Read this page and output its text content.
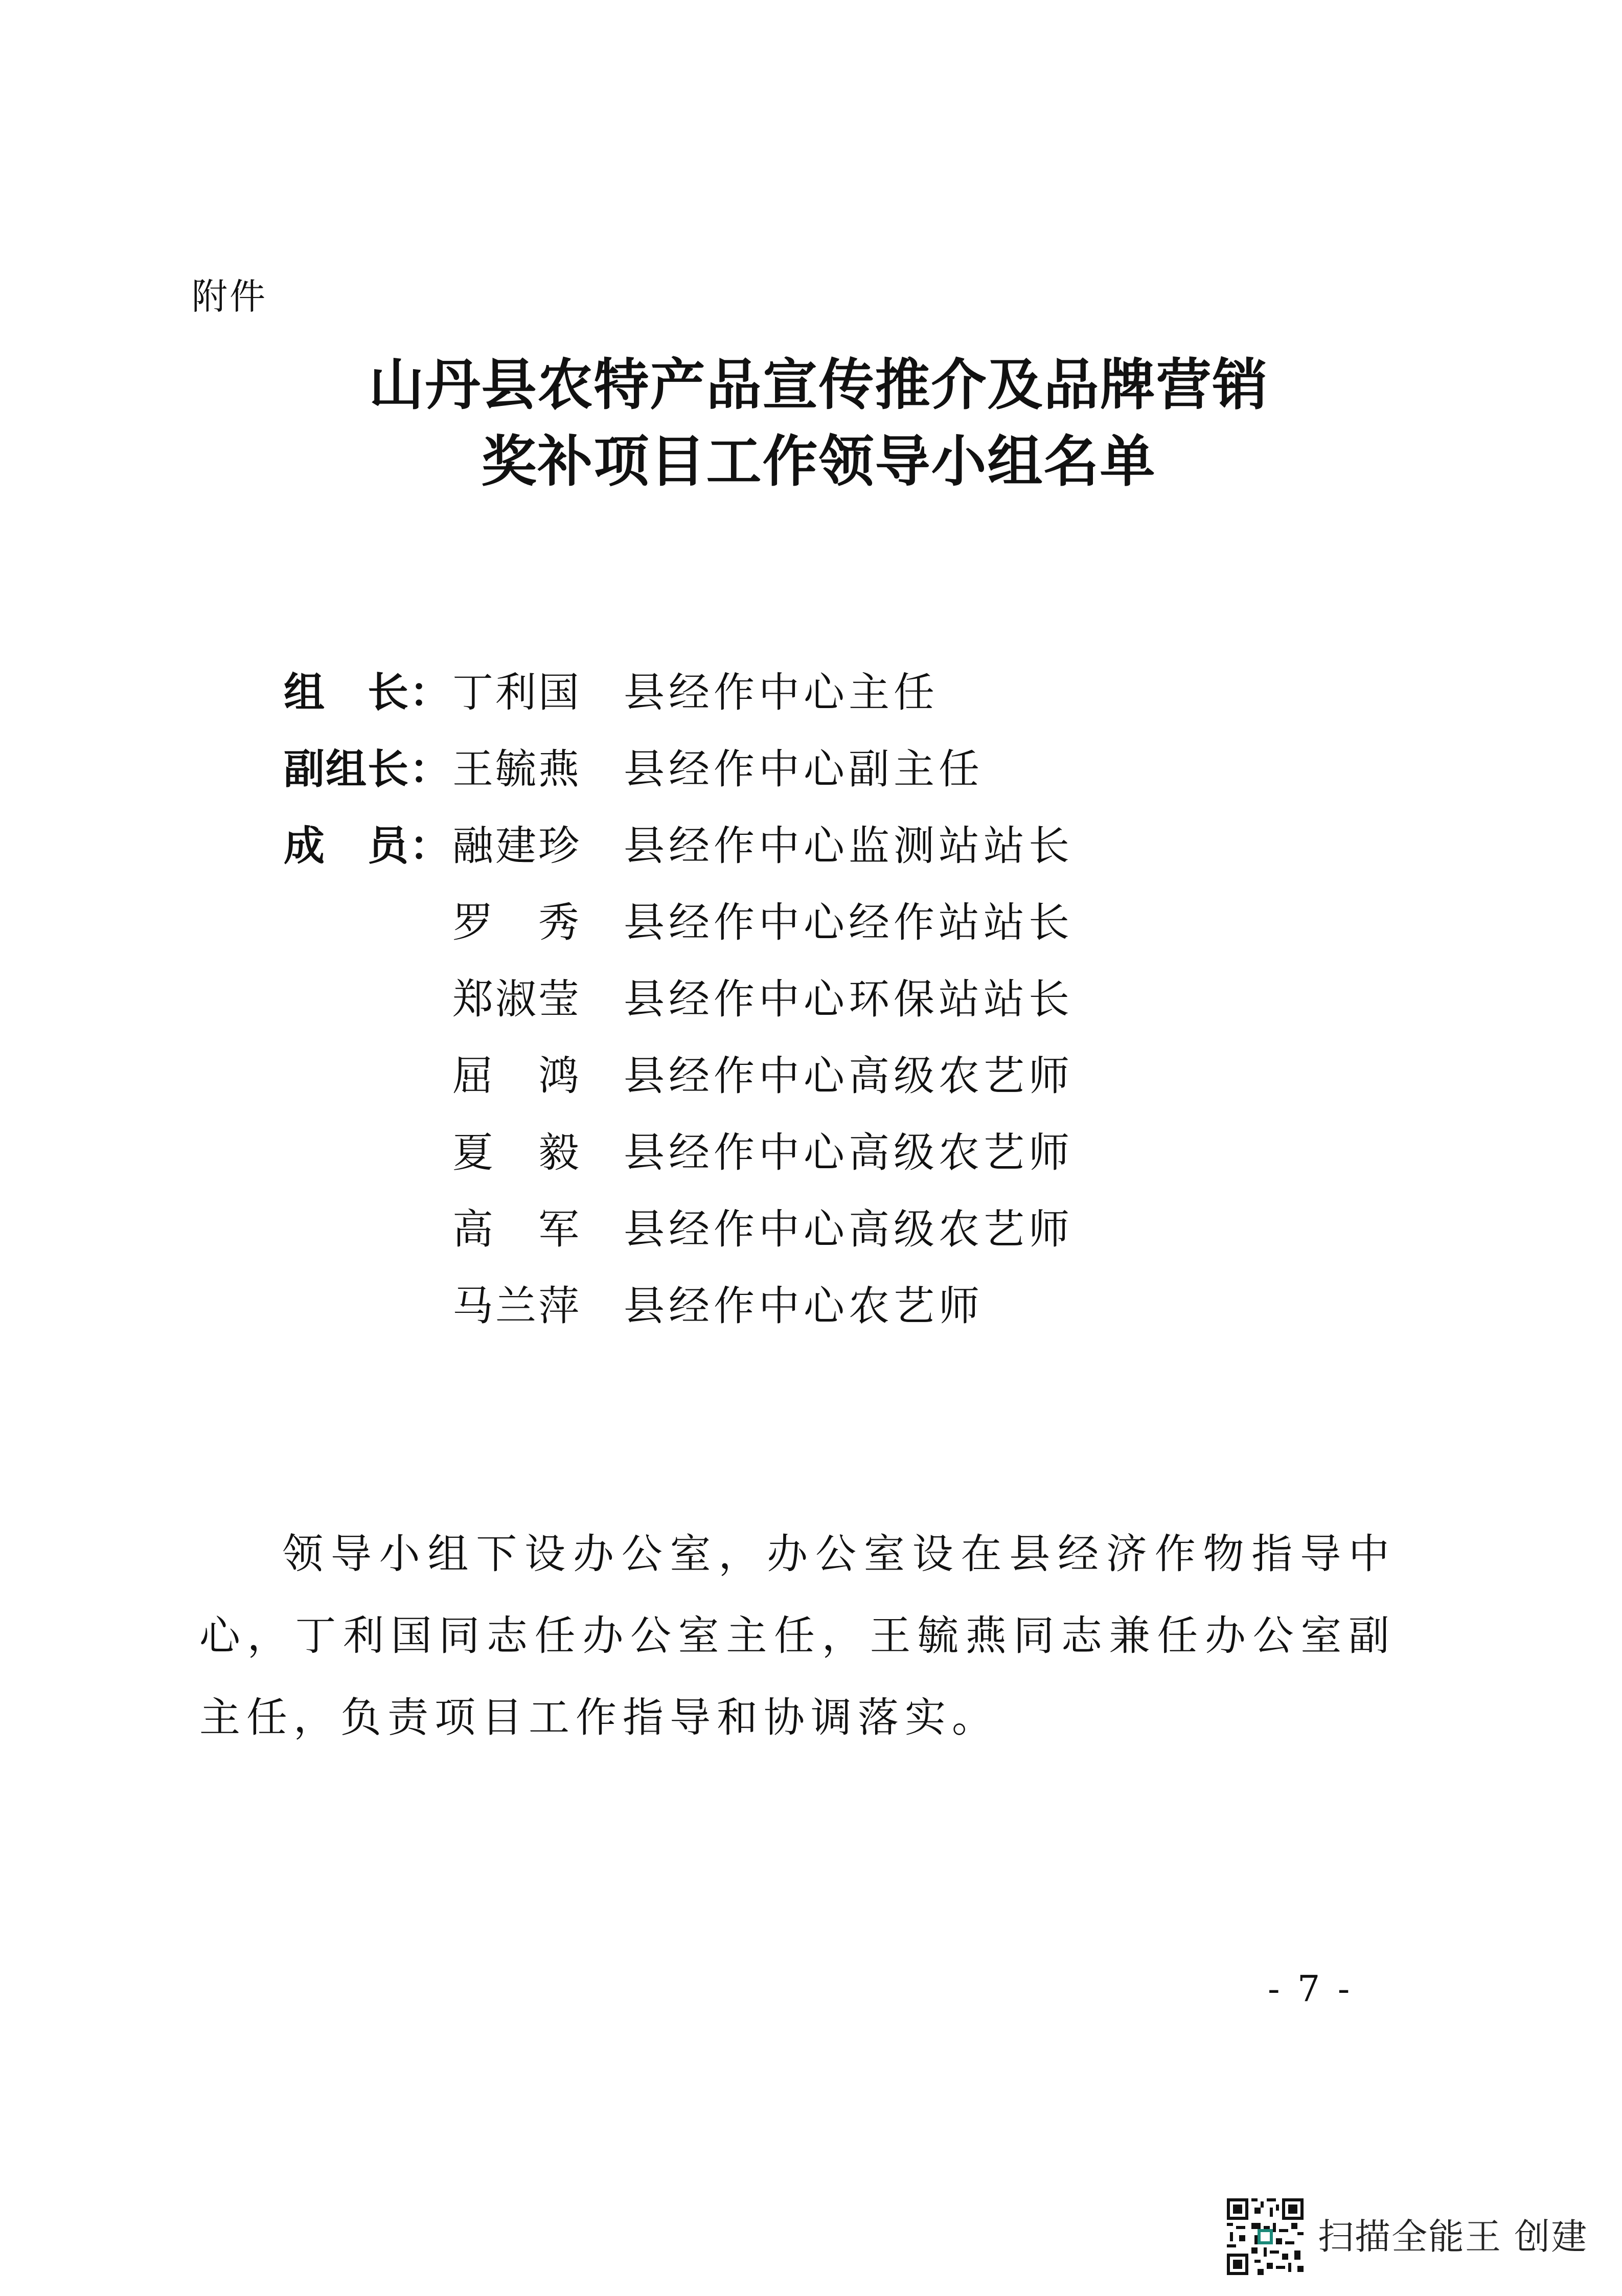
附件
山丹县农特产品宣传推介及品牌营销
奖补项目工作领导小组名单
组　长： 丁利国	县经作中心主任
副组长： 王毓燕	县经作中心副主任
成　员： 融建珍	县经作中心监测站站长
罗　秀	县经作中心经作站站长
郑淑莹	县经作中心环保站站长
屈　鸿	县经作中心高级农艺师
夏　毅	县经作中心高级农艺师
高　军	县经作中心高级农艺师
马兰萍	县经作中心农艺师

领导小组下设办公室，办公室设在县经济作物指导中心，丁利国同志任办公室主任，王毓燕同志兼任办公室副主任，负责项目工作指导和协调落实。

- 7 -
扫描全能王 创建
